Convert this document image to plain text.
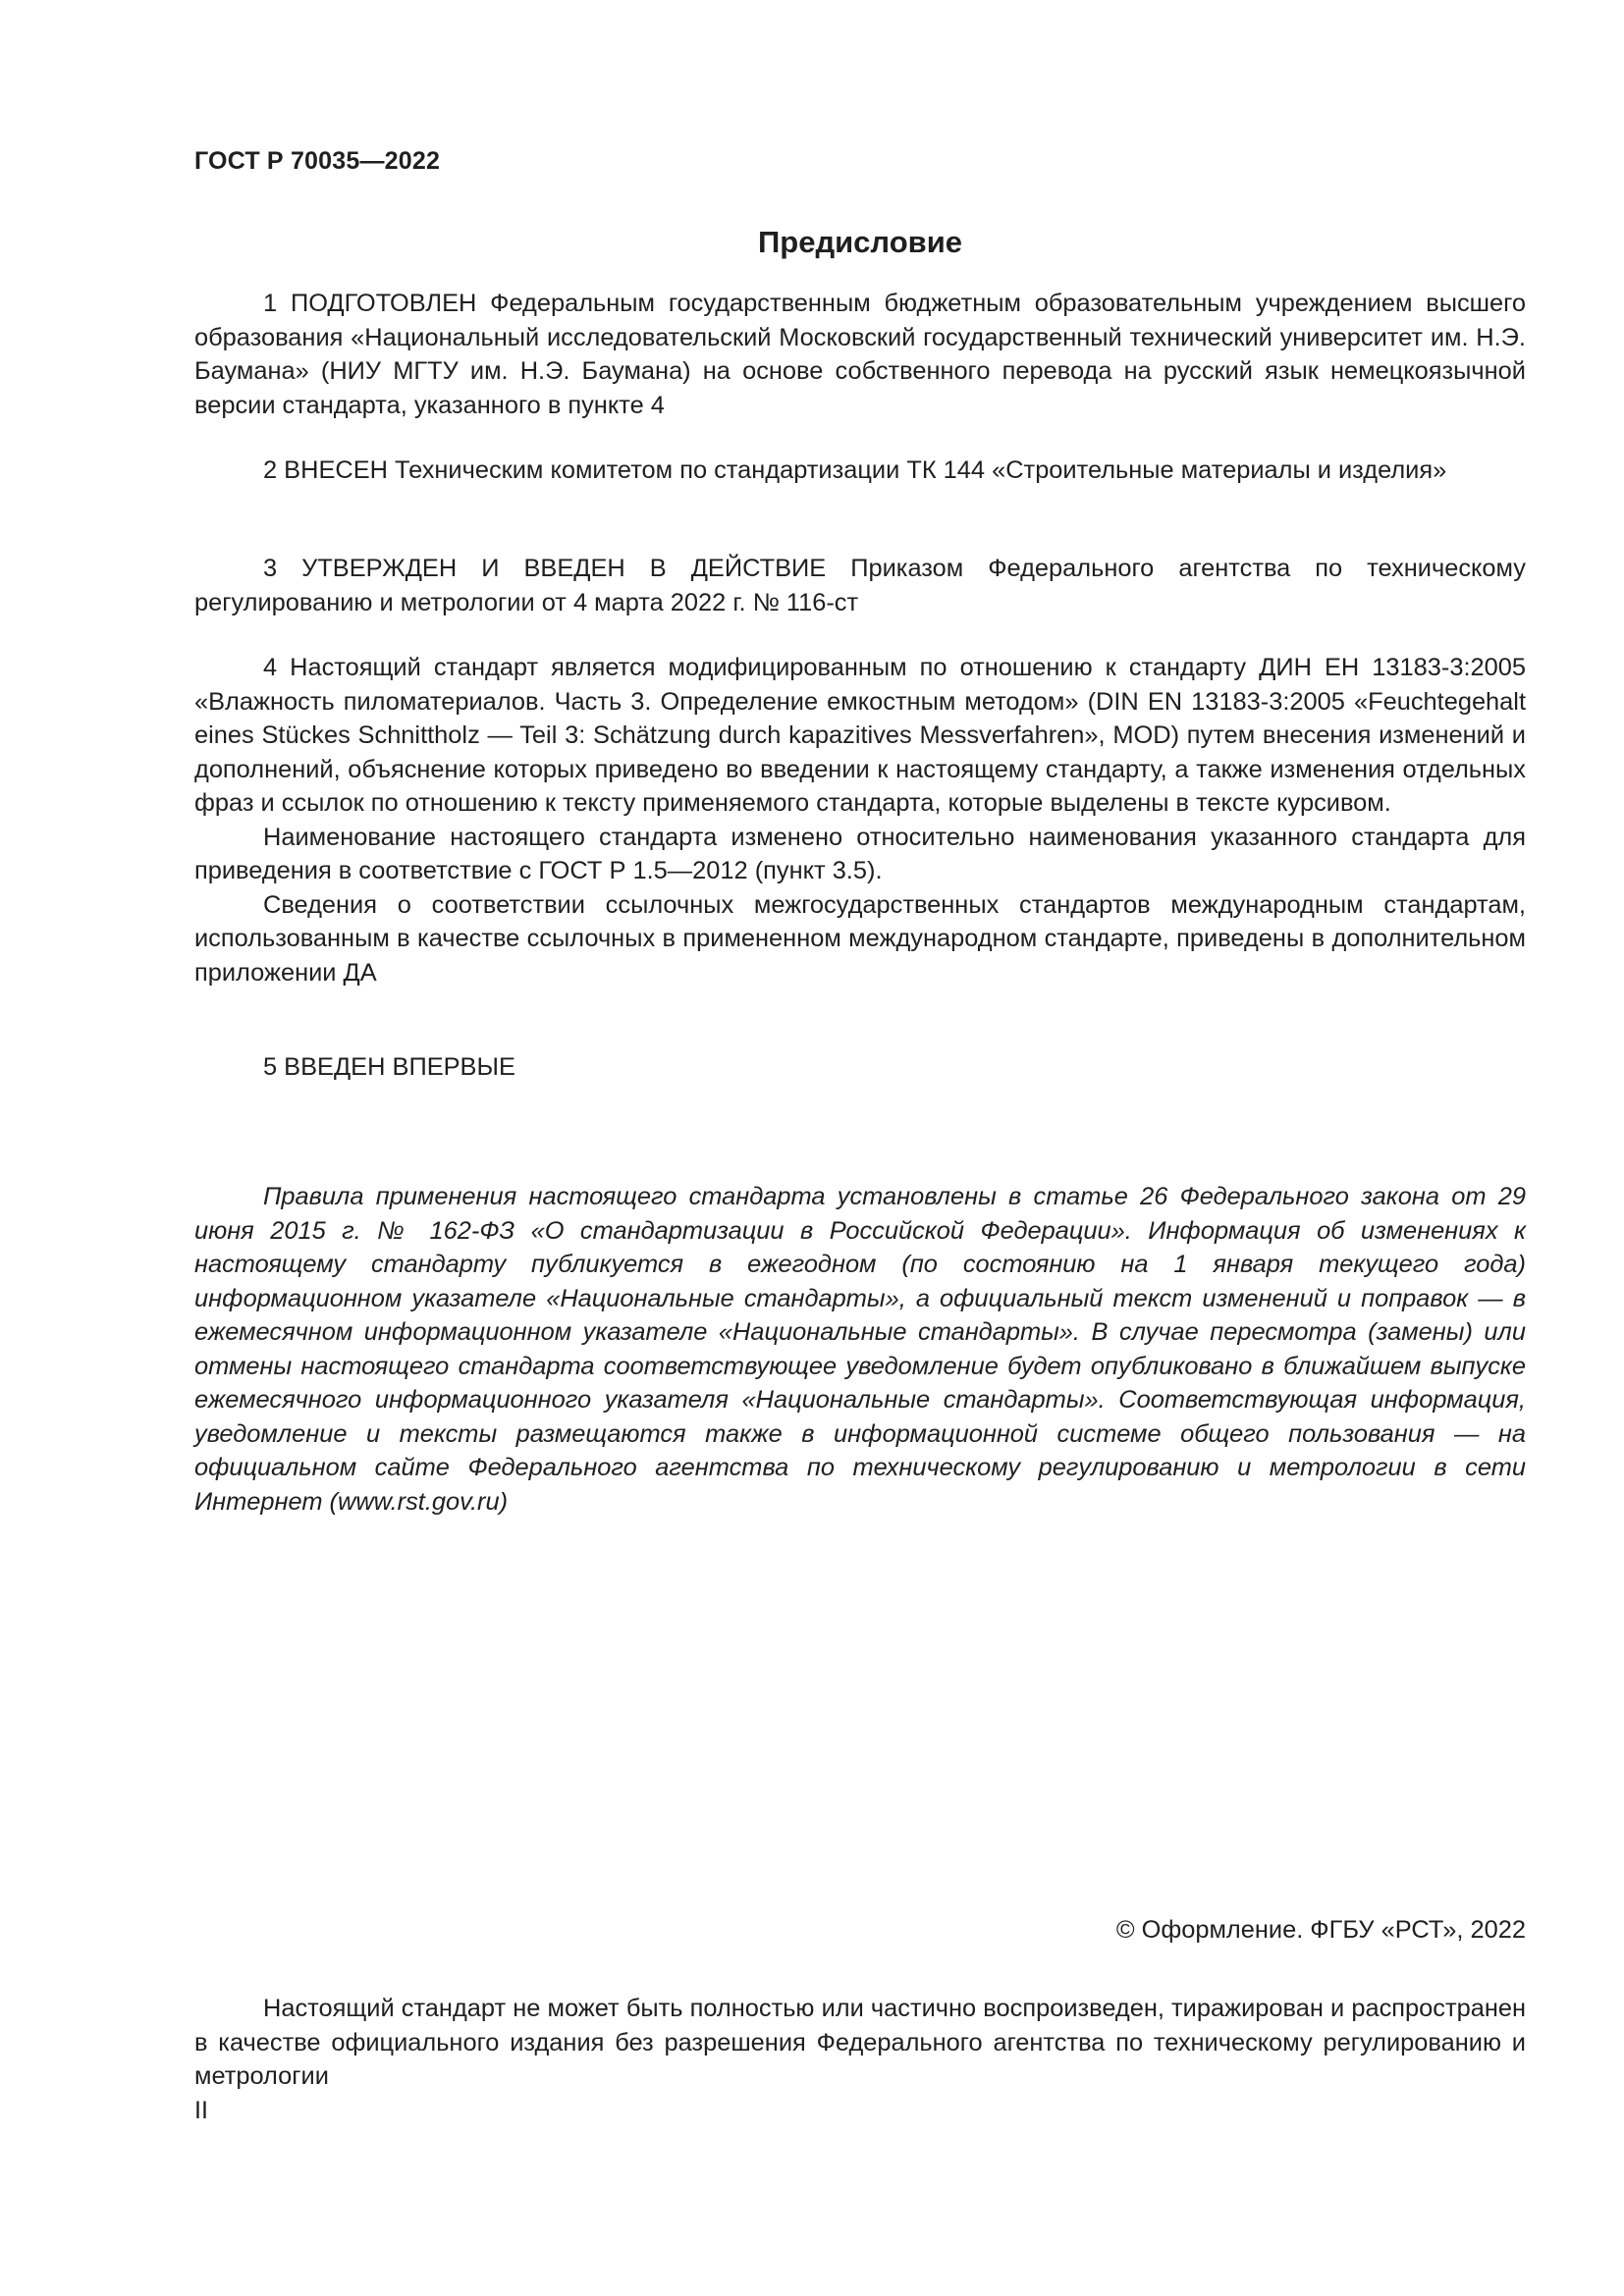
ГОСТ Р 70035—2022
Предисловие

1 ПОДГОТОВЛЕН Федеральным государственным бюджетным образовательным учреждением высшего образования «Национальный исследовательский Московский государственный технический университет им. Н.Э. Баумана» (НИУ МГТУ им. Н.Э. Баумана) на основе собственного перевода на русский язык немецкоязычной версии стандарта, указанного в пункте 4

2 ВНЕСЕН Техническим комитетом по стандартизации ТК 144 «Строительные материалы и изделия»

3 УТВЕРЖДЕН И ВВЕДЕН В ДЕЙСТВИЕ Приказом Федерального агентства по техническому регулированию и метрологии от 4 марта 2022 г. № 116-ст

4 Настоящий стандарт является модифицированным по отношению к стандарту ДИН ЕН 13183-3:2005 «Влажность пиломатериалов. Часть 3. Определение емкостным методом» (DIN EN 13183-3:2005 «Feuchtegehalt eines Stückes Schnittholz — Teil 3: Schätzung durch kapazitives Messverfahren», MOD) путем внесения изменений и дополнений, объяснение которых приведено во введении к настоящему стандарту, а также изменения отдельных фраз и ссылок по отношению к тексту применяемого стандарта, которые выделены в тексте курсивом.

Наименование настоящего стандарта изменено относительно наименования указанного стандарта для приведения в соответствие с ГОСТ Р 1.5—2012 (пункт 3.5).

Сведения о соответствии ссылочных межгосударственных стандартов международным стандартам, использованным в качестве ссылочных в примененном международном стандарте, приведены в дополнительном приложении ДА

5 ВВЕДЕН ВПЕРВЫЕ

Правила применения настоящего стандарта установлены в статье 26 Федерального закона от 29 июня 2015 г. № 162-ФЗ «О стандартизации в Российской Федерации». Информация об изменениях к настоящему стандарту публикуется в ежегодном (по состоянию на 1 января текущего года) информационном указателе «Национальные стандарты», а официальный текст изменений и поправок — в ежемесячном информационном указателе «Национальные стандарты». В случае пересмотра (замены) или отмены настоящего стандарта соответствующее уведомление будет опубликовано в ближайшем выпуске ежемесячного информационного указателя «Национальные стандарты». Соответствующая информация, уведомление и тексты размещаются также в информационной системе общего пользования — на официальном сайте Федерального агентства по техническому регулированию и метрологии в сети Интернет (www.rst.gov.ru)

© Оформление. ФГБУ «РСТ», 2022

Настоящий стандарт не может быть полностью или частично воспроизведен, тиражирован и распространен в качестве официального издания без разрешения Федерального агентства по техническому регулированию и метрологии

II
